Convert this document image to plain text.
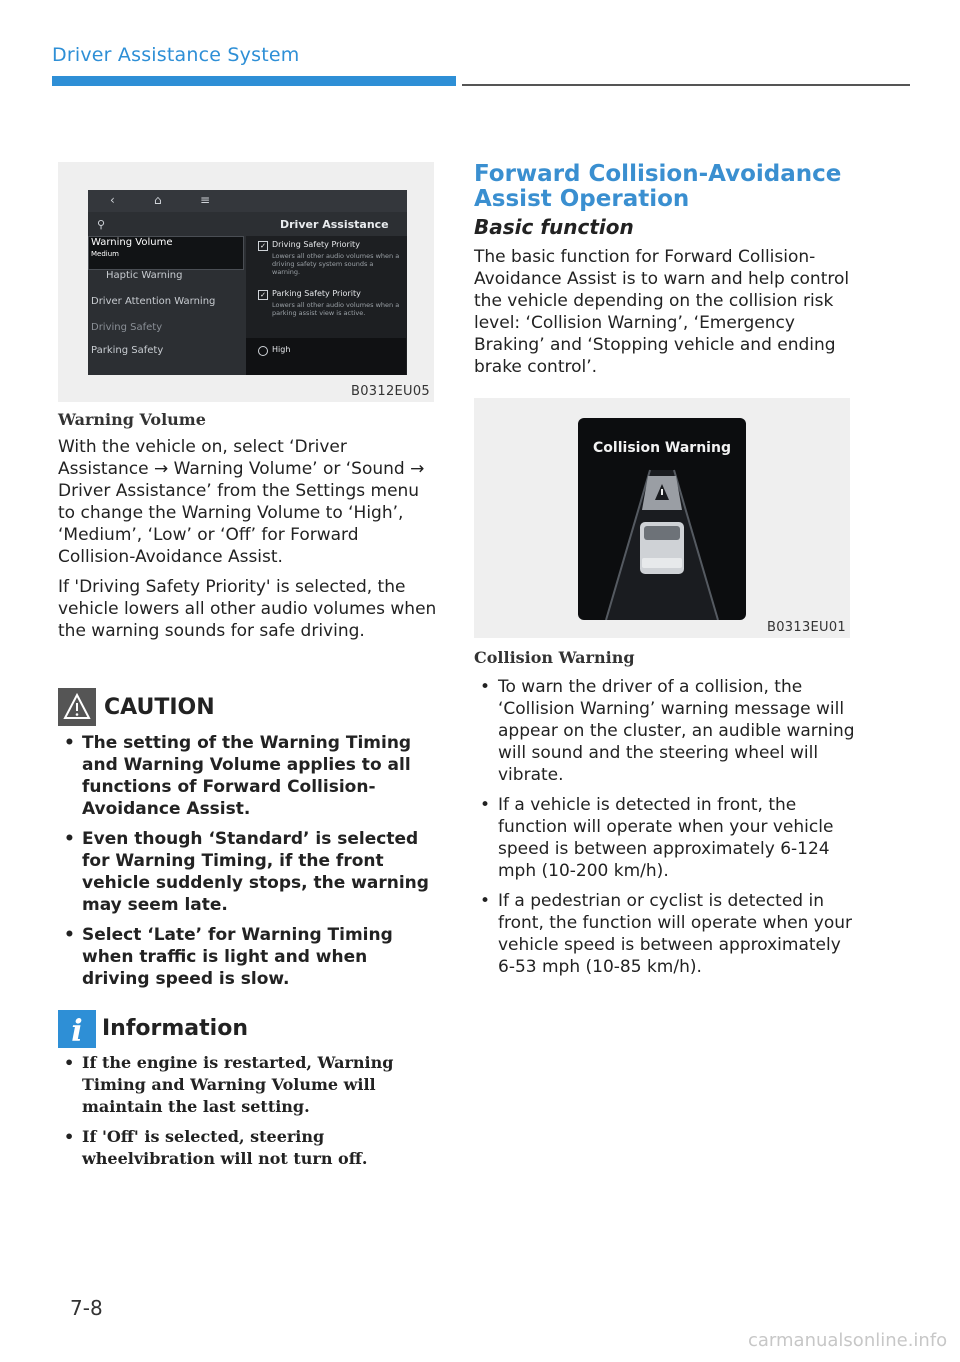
Driver Assistance System
B0312EU05
‹	⌂	≡
⚲	Driver Assistance
Warning Volume
Medium
Haptic Warning
Driver Attention Warning
Driving Safety
Parking Safety
✓ Driving Safety Priority
Lowers all other audio volumes when a driving safety system sounds a warning.
✓ Parking Safety Priority
Lowers all other audio volumes when a parking assist view is active.
High
Warning Volume

With the vehicle on, select ‘Driver Assistance → Warning Volume’ or ‘Sound → Driver Assistance’ from the Settings menu to change the Warning Volume to ‘High’, ‘Medium’, ‘Low’ or ‘Off’ for Forward Collision-Avoidance Assist.

If 'Driving Safety Priority' is selected, the vehicle lowers all other audio volumes when the warning sounds for safe driving.

CAUTION
• The setting of the Warning Timing and Warning Volume applies to all functions of Forward Collision-Avoidance Assist.
• Even though ‘Standard’ is selected for Warning Timing, if the front vehicle suddenly stops, the warning may seem late.
• Select ‘Late’ for Warning Timing when traffic is light and when driving speed is slow.
i Information
• If the engine is restarted, Warning Timing and Warning Volume will maintain the last setting.
• If 'Off' is selected, steering wheelvibration will not turn off.
Forward Collision-Avoidance
Assist Operation
Basic function

The basic function for Forward Collision-Avoidance Assist is to warn and help control the vehicle depending on the collision risk level: ‘Collision Warning’, ‘Emergency Braking’ and ‘Stopping vehicle and ending brake control’.

B0313EU01
Collision Warning
Collision Warning
• To warn the driver of a collision, the ‘Collision Warning’ warning message will appear on the cluster, an audible warning will sound and the steering wheel will vibrate.
• If a vehicle is detected in front, the function will operate when your vehicle speed is between approximately 6-124 mph (10-200 km/h).
• If a pedestrian or cyclist is detected in front, the function will operate when your vehicle speed is between approximately 6-53 mph (10-85 km/h).
7-8
carmanualsonline.info
